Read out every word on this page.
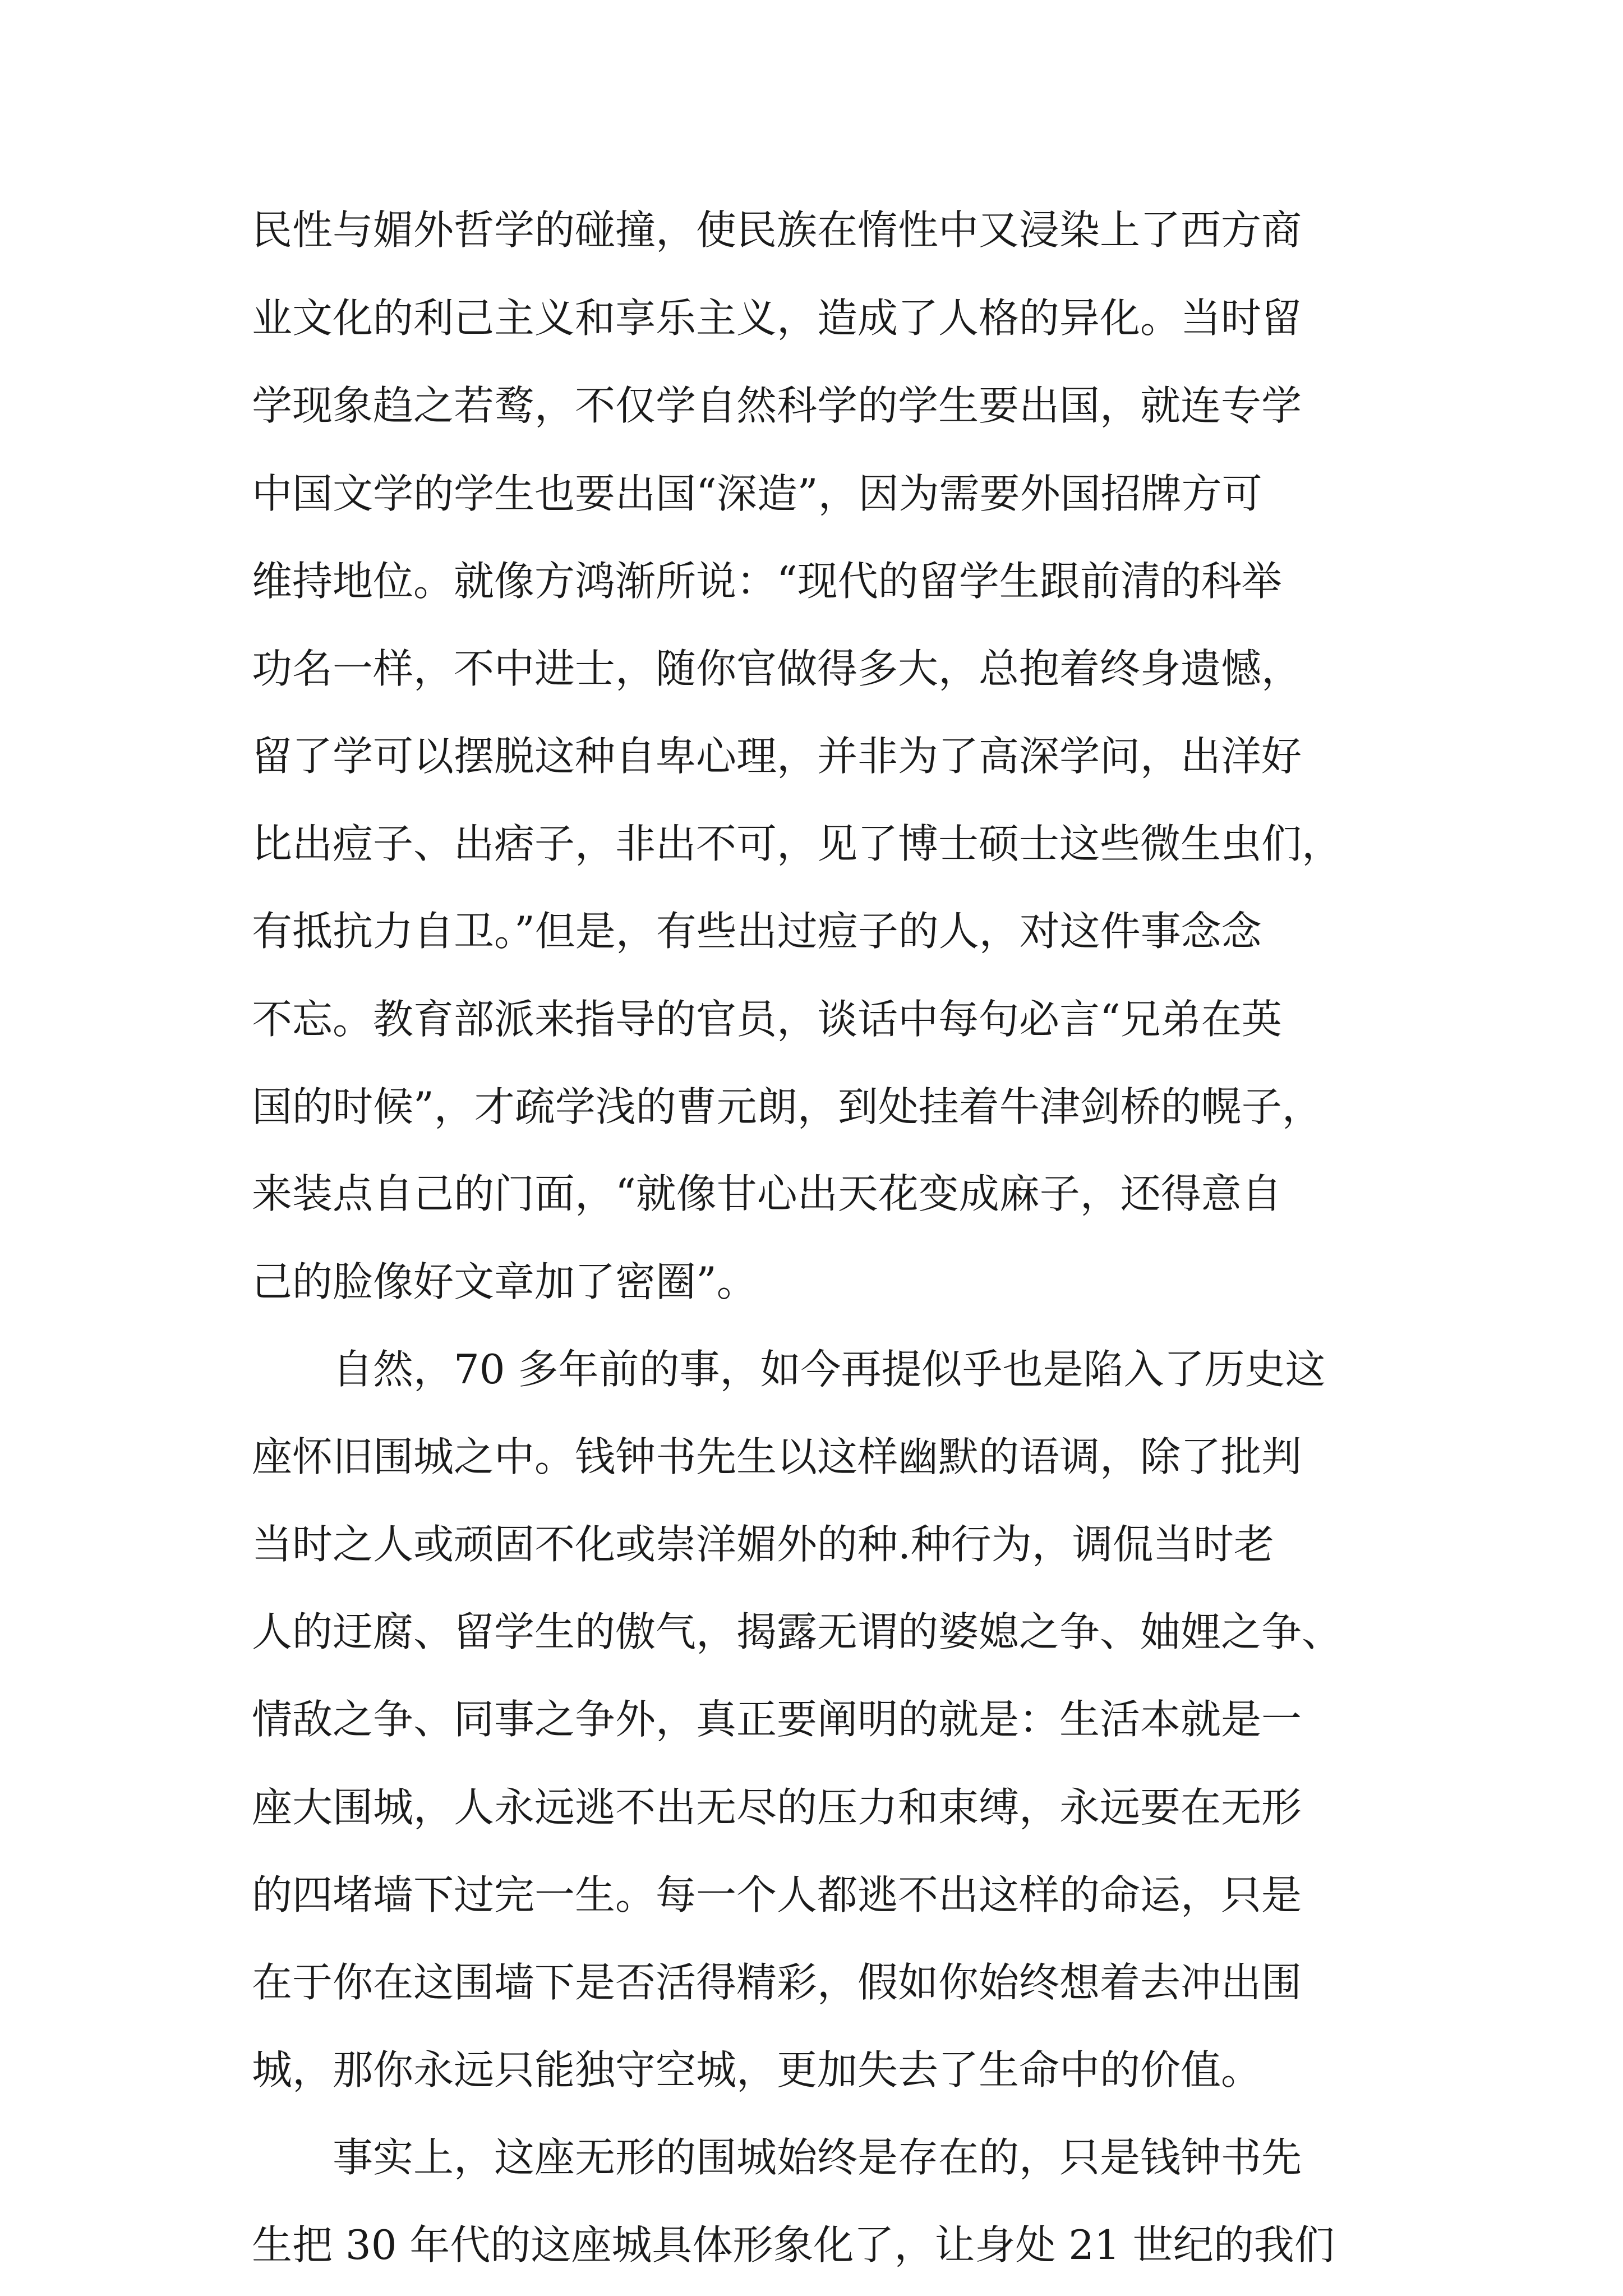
民性与媚外哲学的碰撞，使民族在惰性中又浸染上了西方商
业文化的利己主义和享乐主义，造成了人格的异化。当时留
学现象趋之若鹜，不仅学自然科学的学生要出国，就连专学
中国文学的学生也要出国“深造”，因为需要外国招牌方可
维持地位。就像方鸿渐所说：“现代的留学生跟前清的科举
功名一样，不中进士，随你官做得多大，总抱着终身遗憾，
留了学可以摆脱这种自卑心理，并非为了高深学问，出洋好
比出痘子、出痞子，非出不可，见了博士硕士这些微生虫们，
有抵抗力自卫。”但是，有些出过痘子的人，对这件事念念
不忘。教育部派来指导的官员，谈话中每句必言“兄弟在英
国的时候”，才疏学浅的曹元朗，到处挂着牛津剑桥的幌子，
来装点自己的门面，“就像甘心出天花变成麻子，还得意自
己的脸像好文章加了密圈”。
自然，70 多年前的事，如今再提似乎也是陷入了历史这
座怀旧围城之中。钱钟书先生以这样幽默的语调，除了批判
当时之人或顽固不化或崇洋媚外的种.种行为，调侃当时老
人的迂腐、留学生的傲气，揭露无谓的婆媳之争、妯娌之争、
情敌之争、同事之争外，真正要阐明的就是：生活本就是一
座大围城，人永远逃不出无尽的压力和束缚，永远要在无形
的四堵墙下过完一生。每一个人都逃不出这样的命运，只是
在于你在这围墙下是否活得精彩，假如你始终想着去冲出围
城，那你永远只能独守空城，更加失去了生命中的价值。
事实上，这座无形的围城始终是存在的，只是钱钟书先
生把 30 年代的这座城具体形象化了，让身处 21 世纪的我们
